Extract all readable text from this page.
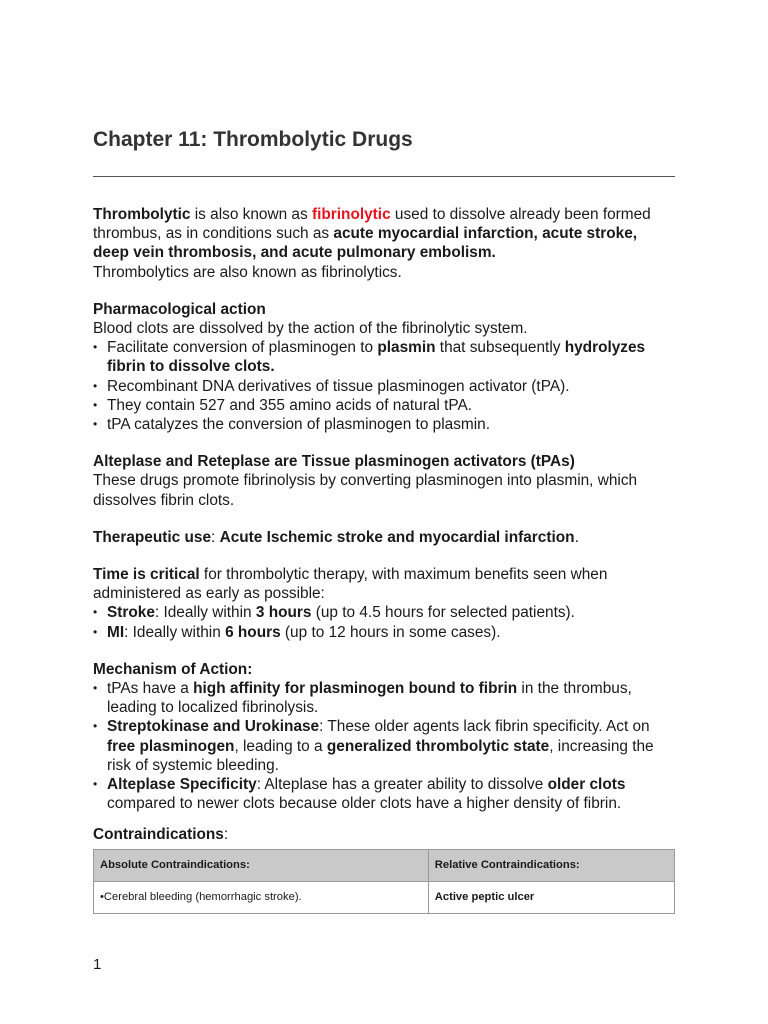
Chapter 11: Thrombolytic Drugs

Thrombolytic is also known as fibrinolytic used to dissolve already been formed thrombus, as in conditions such as acute myocardial infarction, acute stroke, deep vein thrombosis, and acute pulmonary embolism.
Thrombolytics are also known as fibrinolytics.

Pharmacological action

Blood clots are dissolved by the action of the fibrinolytic system.

• Facilitate conversion of plasminogen to plasmin that subsequently hydrolyzes fibrin to dissolve clots.
• Recombinant DNA derivatives of tissue plasminogen activator (tPA).
• They contain 527 and 355 amino acids of natural tPA.
• tPA catalyzes the conversion of plasminogen to plasmin.

Alteplase and Reteplase are Tissue plasminogen activators (tPAs)

These drugs promote fibrinolysis by converting plasminogen into plasmin, which dissolves fibrin clots.

Therapeutic use: Acute Ischemic stroke and myocardial infarction.

Time is critical for thrombolytic therapy, with maximum benefits seen when administered as early as possible:

• Stroke: Ideally within 3 hours (up to 4.5 hours for selected patients).
• MI: Ideally within 6 hours (up to 12 hours in some cases).

Mechanism of Action:

• tPAs have a high affinity for plasminogen bound to fibrin in the thrombus, leading to localized fibrinolysis.
• Streptokinase and Urokinase: These older agents lack fibrin specificity. Act on free plasminogen, leading to a generalized thrombolytic state, increasing the risk of systemic bleeding.
• Alteplase Specificity: Alteplase has a greater ability to dissolve older clots compared to newer clots because older clots have a higher density of fibrin.

Contraindications:

Absolute Contraindications:	Relative Contraindications:
•Cerebral bleeding (hemorrhagic stroke).	Active peptic ulcer
1
